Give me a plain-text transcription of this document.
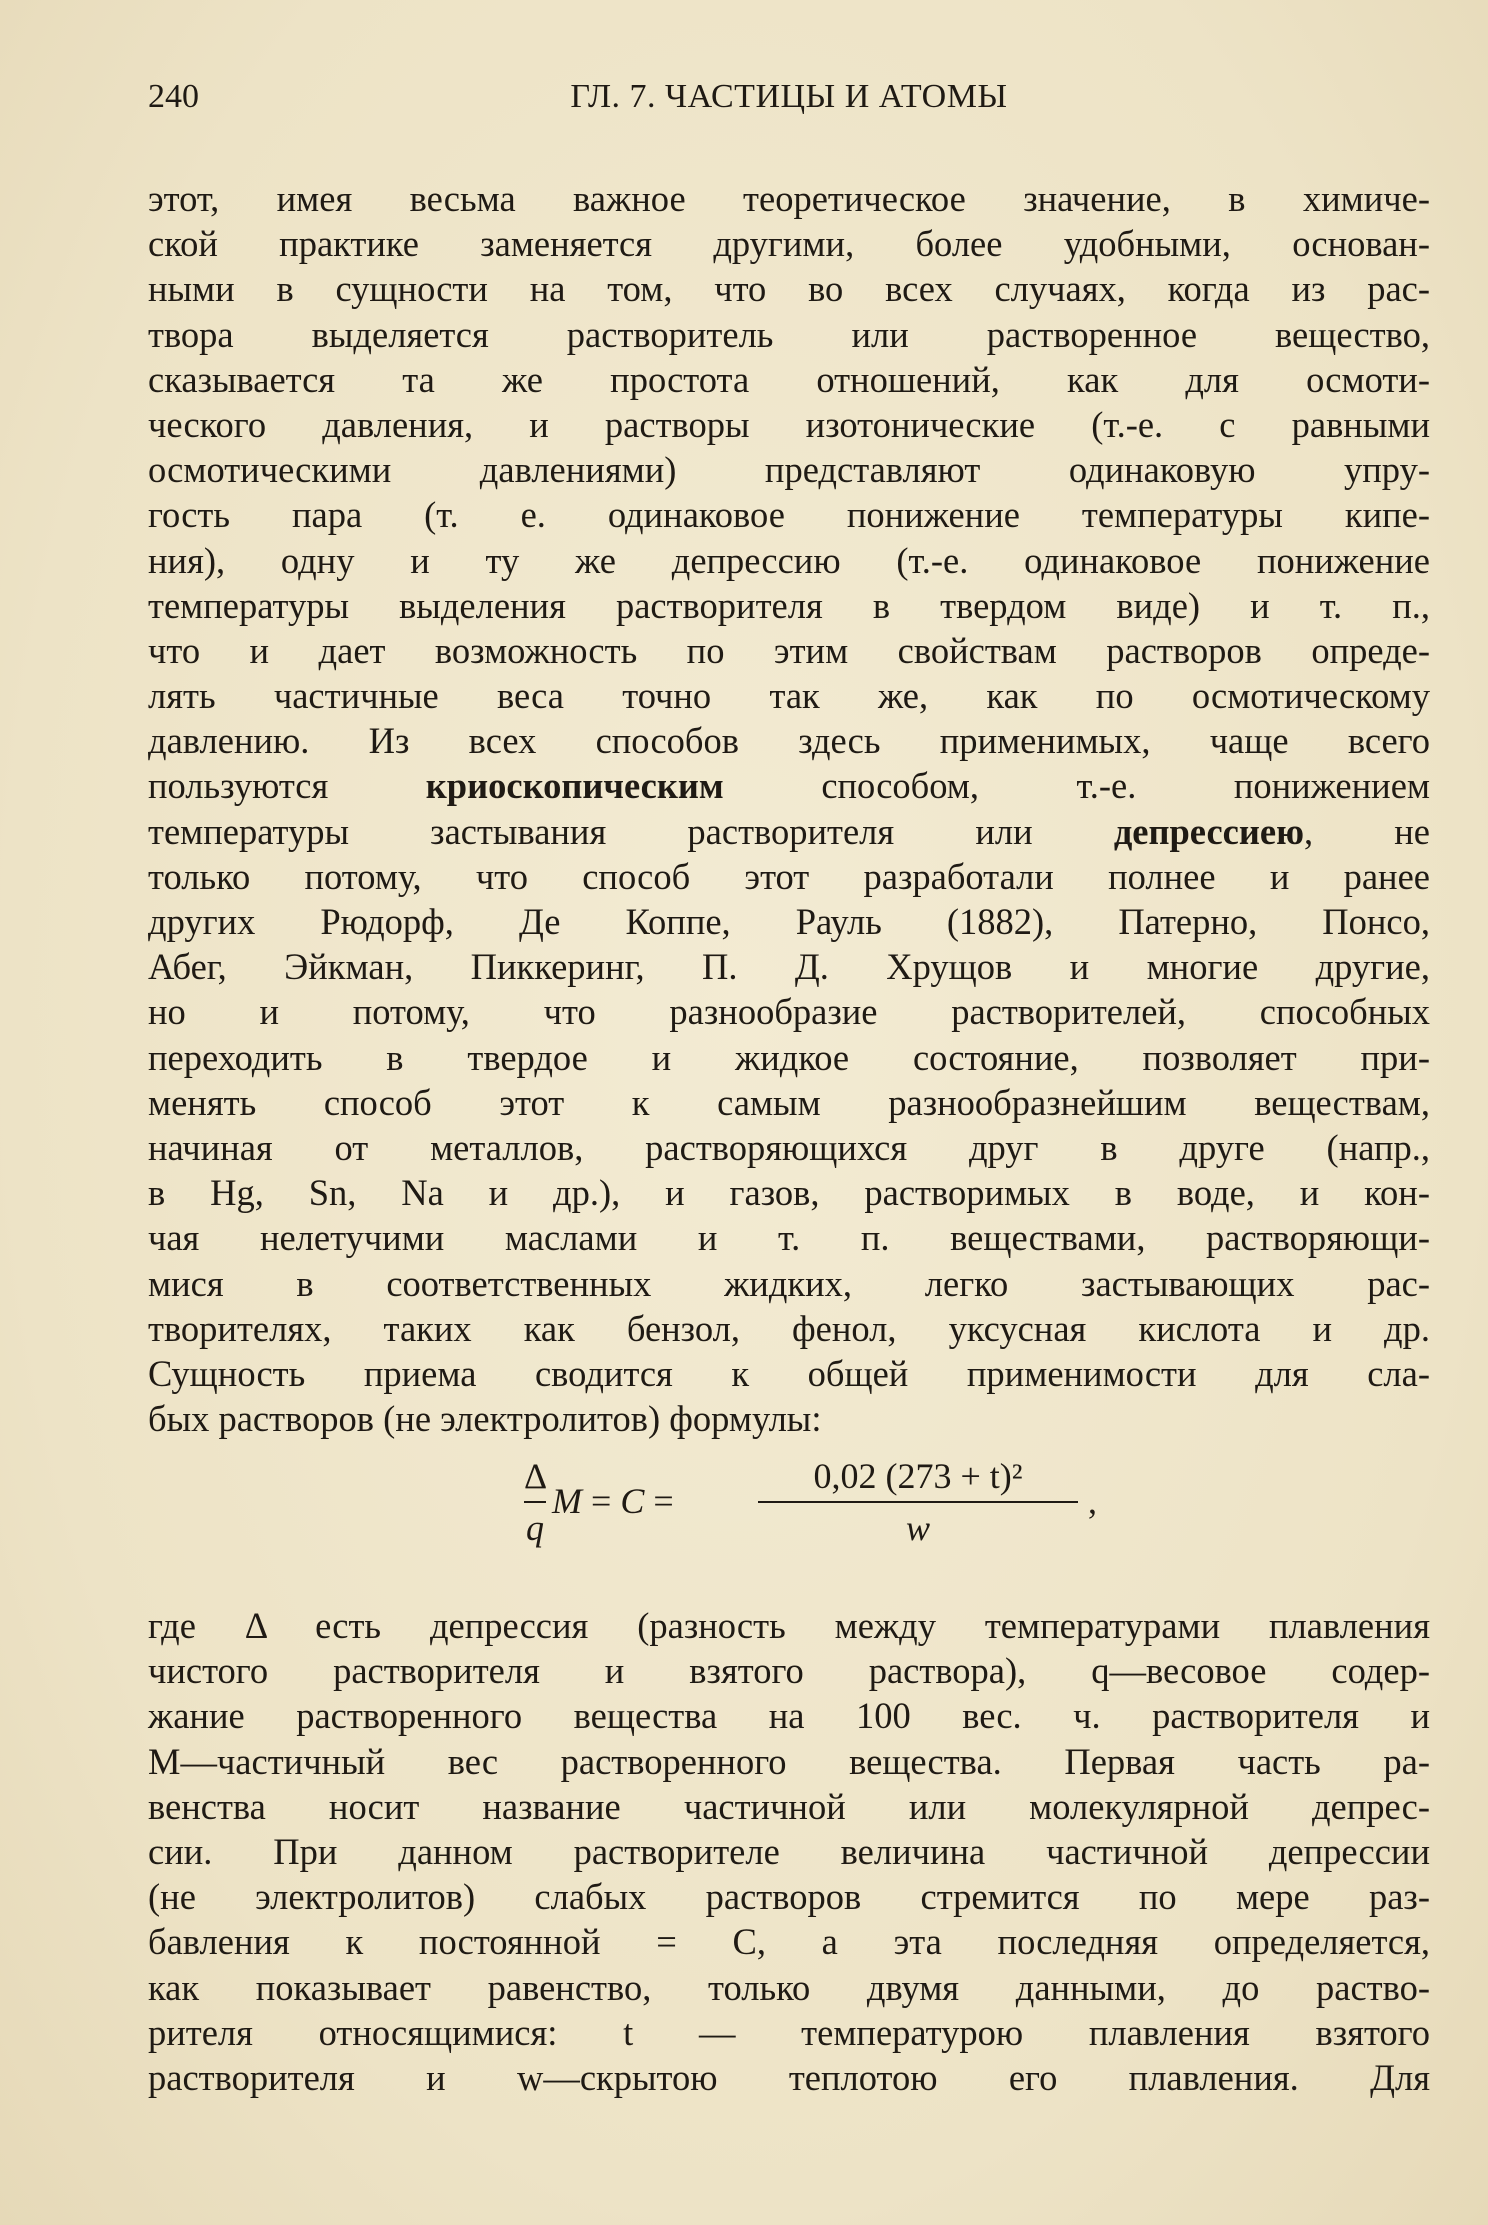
240	ГЛ. 7. ЧАСТИЦЫ И АТОМЫ
этот, имея весьма важное теоретическое значение, в химиче-
ской практике заменяется другими, более удобными, основан-
ными в сущности на том, что во всех случаях, когда из рас-
твора выделяется растворитель или растворенное вещество,
сказывается та же простота отношений, как для осмоти-
ческого давления, и растворы изотонические (т.-е. с равными
осмотическими давлениями) представляют одинаковую упру-
гость пара (т. е. одинаковое понижение температуры кипе-
ния), одну и ту же депрессию (т.-е. одинаковое понижение
температуры выделения растворителя в твердом виде) и т. п.,
что и дает возможность по этим свойствам растворов опреде-
лять частичные веса точно так же, как по осмотическому
давлению. Из всех способов здесь применимых, чаще всего
пользуются криоскопическим способом, т.-е. понижением
температуры застывания растворителя или депрессиею, не
только потому, что способ этот разработали полнее и ранее
других Рюдорф, Де Коппе, Рауль (1882), Патерно, Понсо,
Абег, Эйкман, Пиккеринг, П. Д. Хрущов и многие другие,
но и потому, что разнообразие растворителей, способных
переходить в твердое и жидкое состояние, позволяет при-
менять способ этот к самым разнообразнейшим веществам,
начиная от металлов, растворяющихся друг в друге (напр.,
в Hg, Sn, Na и др.), и газов, растворимых в воде, и кон-
чая нелетучими маслами и т. п. веществами, растворяющи-
мися в соответственных жидких, легко застывающих рас-
творителях, таких как бензол, фенол, уксусная кислота и др.
Сущность приема сводится к общей применимости для сла-
бых растворов (не электролитов) формулы:
Δ
q
M = C =
0,02 (273 + t)²
w
,
где Δ есть депрессия (разность между температурами плавления
чистого растворителя и взятого раствора), q—весовое содер-
жание растворенного вещества на 100 вес. ч. растворителя и
M—частичный вес растворенного вещества. Первая часть ра-
венства носит название частичной или молекулярной депрес-
сии. При данном растворителе величина частичной депрессии
(не электролитов) слабых растворов стремится по мере раз-
бавления к постоянной = C, а эта последняя определяется,
как показывает равенство, только двумя данными, до раство-
рителя относящимися: t — температурою плавления взятого
растворителя и w—скрытою теплотою его плавления. Для
